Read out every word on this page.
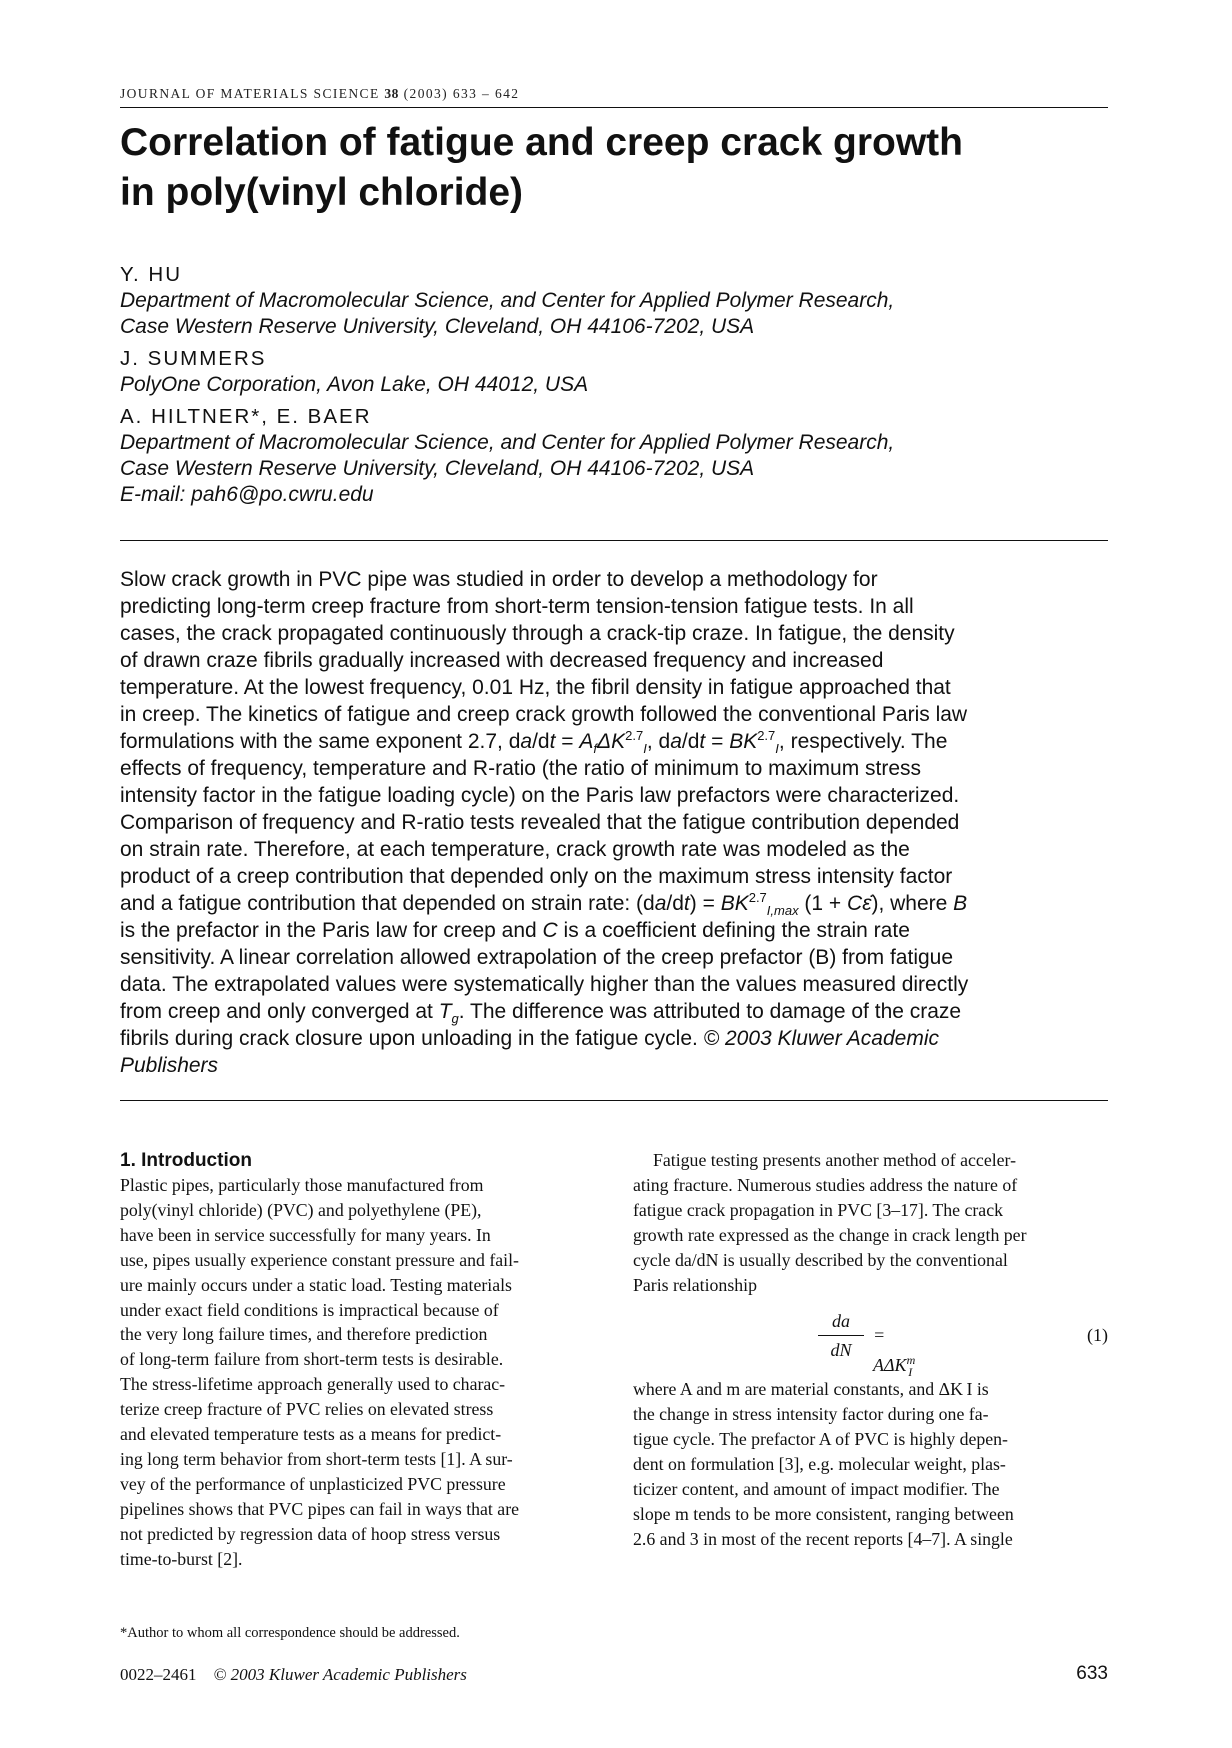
JOURNAL OF MATERIALS SCIENCE 38 (2003) 633 – 642
Correlation of fatigue and creep crack growth
in poly(vinyl chloride)
Y. HU
Department of Macromolecular Science, and Center for Applied Polymer Research,
Case Western Reserve University, Cleveland, OH 44106-7202, USA
J. SUMMERS
PolyOne Corporation, Avon Lake, OH 44012, USA
A. HILTNER*, E. BAER
Department of Macromolecular Science, and Center for Applied Polymer Research,
Case Western Reserve University, Cleveland, OH 44106-7202, USA
E-mail: pah6@po.cwru.edu
Slow crack growth in PVC pipe was studied in order to develop a methodology for
predicting long-term creep fracture from short-term tension-tension fatigue tests. In all
cases, the crack propagated continuously through a crack-tip craze. In fatigue, the density
of drawn craze fibrils gradually increased with decreased frequency and increased
temperature. At the lowest frequency, 0.01 Hz, the fibril density in fatigue approached that
in creep. The kinetics of fatigue and creep crack growth followed the conventional Paris law
formulations with the same exponent 2.7, $da/dt = A_f\Delta K^{2.7}_I$, $da/dt = BK^{2.7}_I$, respectively. The
effects of frequency, temperature and R-ratio (the ratio of minimum to maximum stress
intensity factor in the fatigue loading cycle) on the Paris law prefactors were characterized.
Comparison of frequency and R-ratio tests revealed that the fatigue contribution depended
on strain rate. Therefore, at each temperature, crack growth rate was modeled as the
product of a creep contribution that depended only on the maximum stress intensity factor
and a fatigue contribution that depended on strain rate: $(da/dt) = BK^{2.7}_{I,max}$ (1 + Cε̇), where B
is the prefactor in the Paris law for creep and C is a coefficient defining the strain rate
sensitivity. A linear correlation allowed extrapolation of the creep prefactor (B) from fatigue
data. The extrapolated values were systematically higher than the values measured directly
from creep and only converged at $T_g$. The difference was attributed to damage of the craze
fibrils during crack closure upon unloading in the fatigue cycle. © 2003 Kluwer Academic
Publishers
1. Introduction
Plastic pipes, particularly those manufactured from
poly(vinyl chloride) (PVC) and polyethylene (PE),
have been in service successfully for many years. In
use, pipes usually experience constant pressure and fail-
ure mainly occurs under a static load. Testing materials
under exact field conditions is impractical because of
the very long failure times, and therefore prediction
of long-term failure from short-term tests is desirable.
The stress-lifetime approach generally used to charac-
terize creep fracture of PVC relies on elevated stress
and elevated temperature tests as a means for predict-
ing long term behavior from short-term tests [1]. A sur-
vey of the performance of unplasticized PVC pressure
pipelines shows that PVC pipes can fail in ways that are
not predicted by regression data of hoop stress versus
time-to-burst [2].
Fatigue testing presents another method of acceler-
ating fracture. Numerous studies address the nature of
fatigue crack propagation in PVC [3–17]. The crack
growth rate expressed as the change in crack length per
cycle da/dN is usually described by the conventional
Paris relationship
da
dN
= $A\Delta K^m_I$
(1)
where A and m are material constants, and ΔK I is
the change in stress intensity factor during one fa-
tigue cycle. The prefactor A of PVC is highly depen-
dent on formulation [3], e.g. molecular weight, plas-
ticizer content, and amount of impact modifier. The
slope m tends to be more consistent, ranging between
2.6 and 3 in most of the recent reports [4–7]. A single
*Author to whom all correspondence should be addressed.
0022–2461 © 2003 Kluwer Academic Publishers	633
